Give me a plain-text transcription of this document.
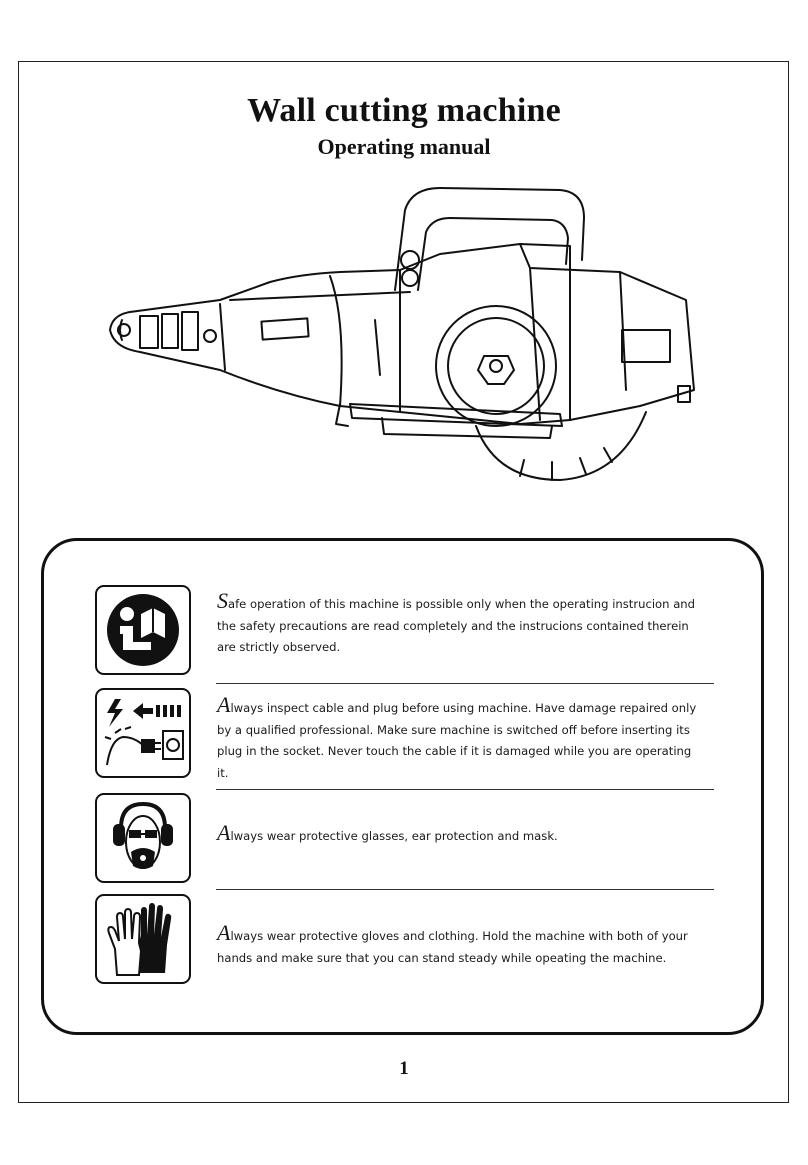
Wall cutting machine
Operating manual
Safe operation of this machine is possible only when the operating instrucion and the safety precautions are read completely and the instrucions contained therein are strictly observed.
Always inspect cable and plug before using machine. Have damage repaired only by a qualified professional. Make sure machine is switched off before inserting its plug in the socket. Never touch the cable if it is damaged while you are operating it.
Always wear protective glasses, ear protection and mask.
Always wear protective gloves and clothing. Hold the machine with both of your hands and make sure that you can stand steady while opeating the machine.
1
